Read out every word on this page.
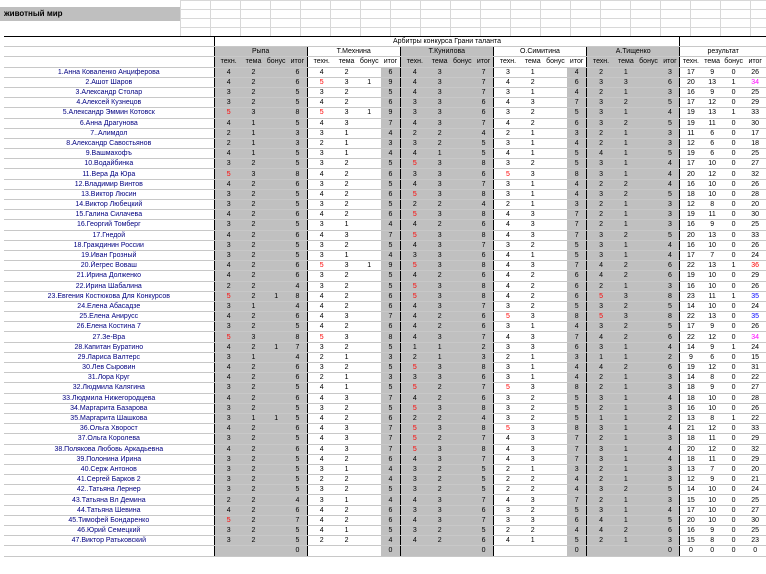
животный мир
	Арбитры конкурса Грани таланта																							
	Рыпа				Т.Мехнина				Т.Кунилова				О.Симитина				А.Тищенко				результат			
	техн.	тема	бонус	итог	техн.	тема	бонус	итог	техн.	тема	бонус	итог	техн.	тема	бонус	итог	техн.	тема	бонус	итог	техн.	тема	бонус	итог
1.Анна Коваленко Анциферова	4	2		6	4	2		6	4	3		7	3	1		4	2	1		3	17	9	0	26
2.Ашот Шаров	4	2		6	5	3	1	9	4	3		7	4	2		6	3	3		6	20	13	1	34
3.Александр Столар	3	2		5	3	2		5	4	3		7	3	1		4	2	1		3	16	9	0	25
4.Алексей Кузнецов	3	2		5	4	2		6	3	3		6	4	3		7	3	2		5	17	12	0	29
5.Александр Эммин Котовск	5	3		8	5	3	1	9	3	3		6	3	2		5	3	1		4	19	13	1	33
6.Анна Драгунова	4	1		5	4	3		7	4	3		7	4	2		6	3	2		5	19	11	0	30
7..Алимдол	2	1		3	3	1		4	2	2		4	2	1		3	2	1		3	11	6	0	17
8.Александр Савостьянов	2	1		3	2	1		3	3	2		5	3	1		4	2	1		3	12	6	0	18
9.Вашмахофъ	4	1		5	3	1		4	4	1		5	4	1		5	4	1		5	19	6	0	25
10.Водайбинка	3	2		5	3	2		5	5	3		8	3	2		5	3	1		4	17	10	0	27
11.Вера Да Юра	5	3		8	4	2		6	3	3		6	5	3		8	3	1		4	20	12	0	32
12.Владимир Винтов	4	2		6	3	2		5	4	3		7	3	1		4	2	2		4	16	10	0	26
13.Виктор Люсин	3	2		5	4	2		6	5	3		8	3	1		4	3	2		5	18	10	0	28
14.Виктор Любецкий	3	2		5	3	2		5	2	2		4	2	1		3	2	1		3	12	8	0	20
15.Галина Силачева	4	2		6	4	2		6	5	3		8	4	3		7	2	1		3	19	11	0	30
16.Георгий Томберг	3	2		5	3	1		4	4	2		6	4	3		7	2	1		3	16	9	0	25
17.Гнедой	4	2		6	4	3		7	5	3		8	4	3		7	3	2		5	20	13	0	33
18.Граждинин России	3	2		5	3	2		5	4	3		7	3	2		5	3	1		4	16	10	0	26
19.Иван Грозный	3	2		5	3	1		4	3	3		6	4	1		5	3	1		4	17	7	0	24
20.Йегрес Воваш	4	2		6	5	3	1	9	5	3		8	4	3		7	4	2		6	22	13	1	36
21.Ирина Долженко	4	2		6	3	2		5	4	2		6	4	2		6	4	2		6	19	10	0	29
22.Ирина Шабалина	2	2		4	3	2		5	5	3		8	4	2		6	2	1		3	16	10	0	26
23.Евгения Костюкова Для Конкурсов	5	2	1	8	4	2		6	5	3		8	4	2		6	5	3		8	23	11	1	35
24.Елена Абасадзе	3	1		4	4	2		6	4	3		7	3	2		5	3	2		5	14	10	0	24
25.Елена Анирусс	4	2		6	4	3		7	4	2		6	5	3		8	5	3		8	22	13	0	35
26.Елена Костина 7	3	2		5	4	2		6	4	2		6	3	1		4	3	2		5	17	9	0	26
27.Зе-Вра	5	3		8	5	3		8	4	3		7	4	3		7	4	2		6	22	12	0	34
28.Капитан Буратино	4	2	1	7	3	2		5	1	1		2	3	3		6	3	1		4	14	9	1	24
29.Лариса Валтерс	3	1		4	2	1		3	2	1		3	2	1		3	1	1		2	9	6	0	15
30.Лев Сыровин	4	2		6	3	2		5	5	3		8	3	1		4	4	2		6	19	12	0	31
31.Лора Круг	4	2		6	2	1		3	3	3		6	3	1		4	2	1		3	14	8	0	22
32.Людмила Калягина	3	2		5	4	1		5	5	2		7	5	3		8	2	1		3	18	9	0	27
33.Людмила Нижегородцева	4	2		6	4	3		7	4	2		6	3	2		5	3	1		4	18	10	0	28
34.Маргарита Базарова	3	2		5	3	2		5	5	3		8	3	2		5	2	1		3	16	10	0	26
35.Маргарита Шашкова	3	1	1	5	4	2		6	2	2		4	3	2		5	1	1		2	13	8	1	22
36.Ольга Хворост	4	2		6	4	3		7	5	3		8	5	3		8	3	1		4	21	12	0	33
37.Ольга Королева	3	2		5	4	3		7	5	2		7	4	3		7	2	1		3	18	11	0	29
38.Полякова Любовь Аркадьевна	4	2		6	4	3		7	5	3		8	4	3		7	3	1		4	20	12	0	32
39.Полонина Ирина	3	2		5	4	2		6	4	3		7	4	3		7	3	1		4	18	11	0	29
40.Серж Антонов	3	2		5	3	1		4	3	2		5	2	1		3	2	1		3	13	7	0	20
41.Сергей Барков 2	3	2		5	2	2		4	3	2		5	2	2		4	2	1		3	12	9	0	21
42..Татьяна Лернер	3	2		5	3	2		5	3	2		5	2	2		4	3	2		5	14	10	0	24
43.Татьяна Вл Демина	2	2		4	3	1		4	4	3		7	4	3		7	2	1		3	15	10	0	25
44.Татьяна Шевина	4	2		6	4	2		6	3	3		6	3	2		5	3	1		4	17	10	0	27
45.Тимофей Бондаренко	5	2		7	4	2		6	4	3		7	3	3		6	4	1		5	20	10	0	30
46.Юрий Семецкий	3	2		5	4	1		5	3	2		5	2	2		4	4	2		6	16	9	0	25
47.Виктор Ратьковский	3	2		5	2	2		4	4	2		6	4	1		5	2	1		3	15	8	0	23
				0				0				0				0				0	0	0	0	0
